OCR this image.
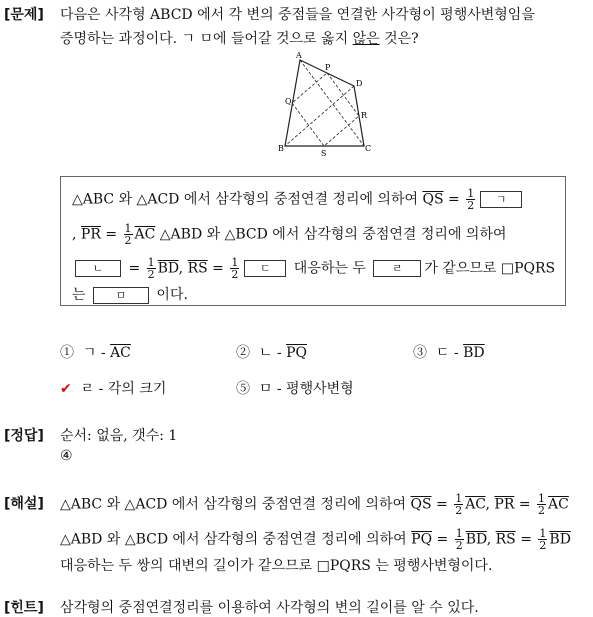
[문제] 다음은 사각형 ABCD 에서 각 변의 중점들을 연결한 사각형이 평행사변형임을
증명하는 과정이다. ㄱ ㅁ에 들어갈 것으로 옳지 않은 것은?
A
P
D
Q
R
B
S
C
△ABC 와 △ACD 에서 삼각형의 중점연결 정리에 의하여 $\overline{QS} = \frac{1}{2}$ ㄱ
, $\overline{PR} = \frac{1}{2} \overline{AC}$ △ABD 와 △BCD 에서 삼각형의 중점연결 정리에 의하여
ㄴ = $\frac{1}{2} \overline{BD}$, $\overline{RS} = \frac{1}{2}$ ㄷ 대응하는 두 ㄹ 가 같으므로 □PQRS
는 ㅁ 이다.
① ㄱ - $\overline{AC}$	② ㄴ - $\overline{PQ}$	③ ㄷ - $\overline{BD}$
✔ ㄹ - 각의 크기	⑤ ㅁ - 평행사변형
[정답] 순서: 없음, 갯수: 1
④
[해설] △ABC 와 △ACD 에서 삼각형의 중점연결 정리에 의하여 $\overline{QS} = \frac{1}{2} \overline{AC}$, $\overline{PR} = \frac{1}{2} \overline{AC}$
△ABD 와 △BCD 에서 삼각형의 중점연결 정리에 의하여 $\overline{PQ} = \frac{1}{2} \overline{BD}$, $\overline{RS} = \frac{1}{2} \overline{BD}$
대응하는 두 쌍의 대변의 길이가 같으므로 □PQRS 는 평행사변형이다.
[힌트] 삼각형의 중점연결정리를 이용하여 사각형의 변의 길이를 알 수 있다.
